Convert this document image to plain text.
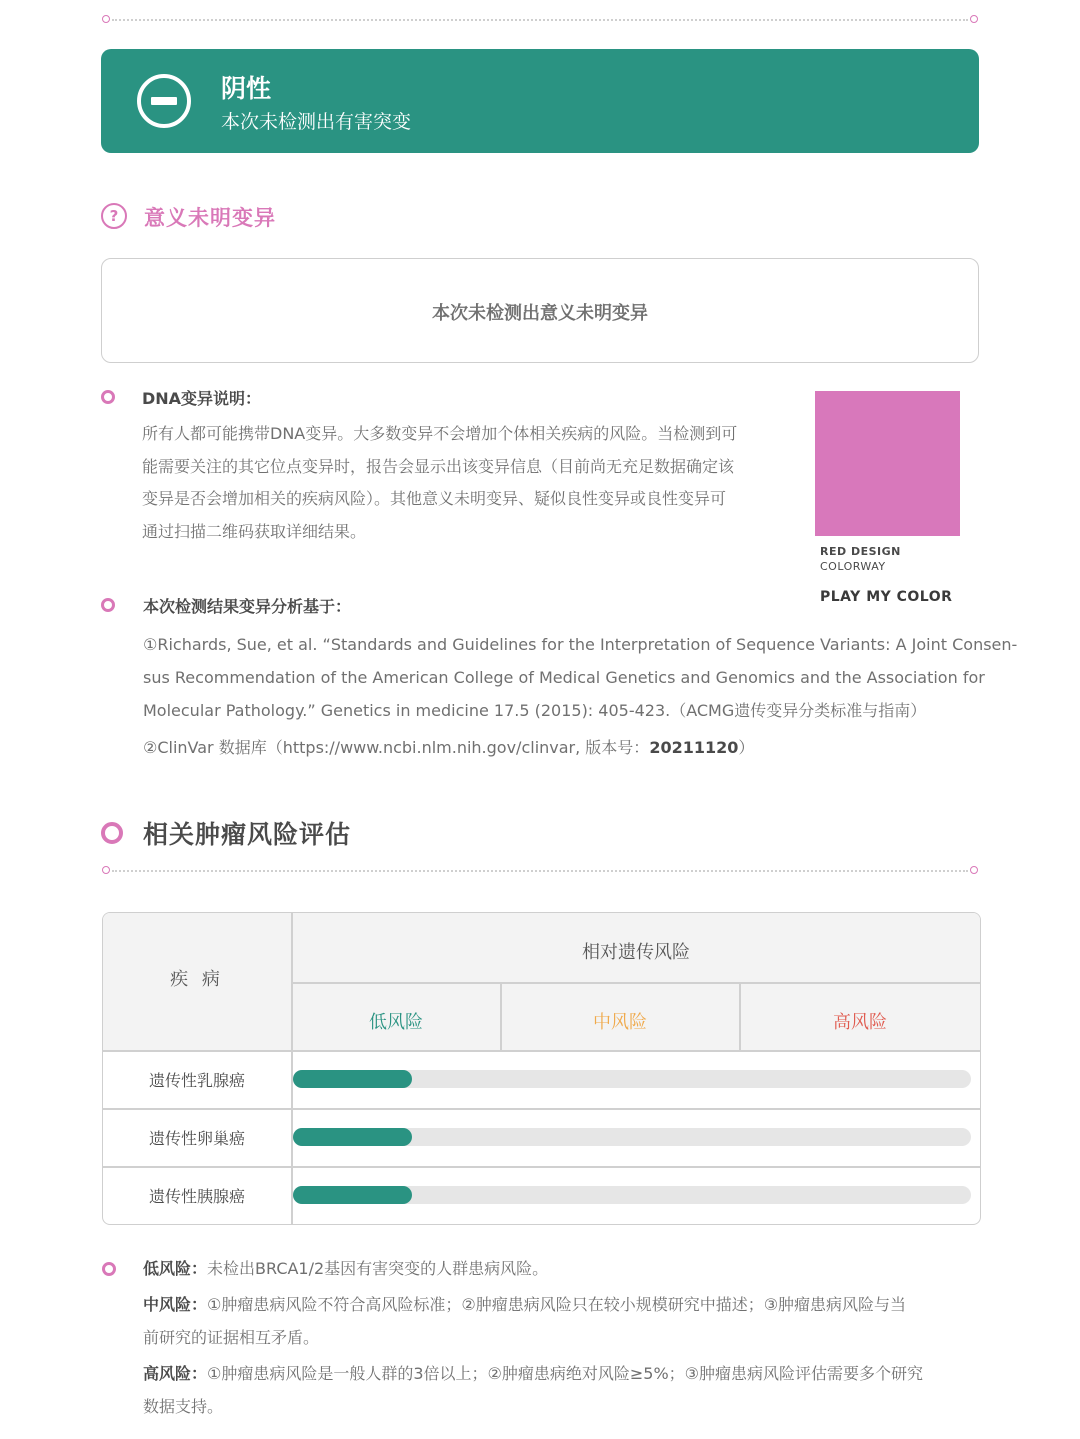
阴性
本次未检测出有害突变
?	意义未明变异
本次未检测出意义未明变异
DNA变异说明：
所有人都可能携带DNA变异。大多数变异不会增加个体相关疾病的风险。当检测到可
能需要关注的其它位点变异时，报告会显示出该变异信息（目前尚无充足数据确定该
变异是否会增加相关的疾病风险）。其他意义未明变异、疑似良性变异或良性变异可
通过扫描二维码获取详细结果。
RED DESIGN
COLORWAY
PLAY MY COLOR
本次检测结果变异分析基于：
①Richards, Sue, et al. “Standards and Guidelines for the Interpretation of Sequence Variants: A Joint Consen-
sus Recommendation of the American College of Medical Genetics and Genomics and the Association for
Molecular Pathology.” Genetics in medicine 17.5 (2015): 405-423.（ACMG遗传变异分类标准与指南）
②ClinVar 数据库（https://www.ncbi.nlm.nih.gov/clinvar, 版本号：20211120）
相关肿瘤风险评估
疾 病
相对遗传风险
低风险	中风险	高风险
遗传性乳腺癌
遗传性卵巢癌
遗传性胰腺癌
低风险：未检出BRCA1/2基因有害突变的人群患病风险。
中风险：①肿瘤患病风险不符合高风险标准；②肿瘤患病风险只在较小规模研究中描述；③肿瘤患病风险与当
前研究的证据相互矛盾。
高风险：①肿瘤患病风险是一般人群的3倍以上；②肿瘤患病绝对风险≥5%；③肿瘤患病风险评估需要多个研究
数据支持。
